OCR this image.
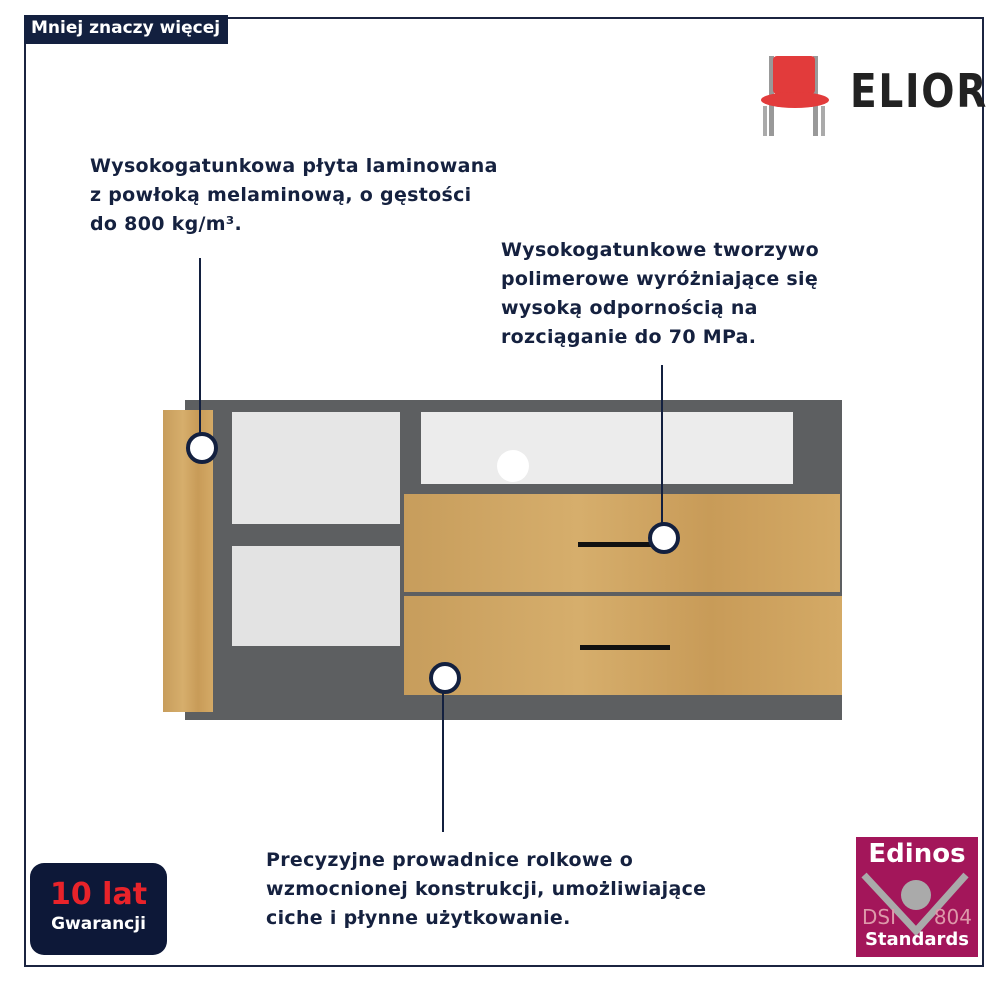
Mniej znaczy więcej
ELIOR
Wysokogatunkowa płyta laminowana
z powłoką melaminową, o gęstości
do 800 kg/m³.
Wysokogatunkowe tworzywo
polimerowe wyróżniające się
wysoką odpornością na
rozciąganie do 70 MPa.
Precyzyjne prowadnice rolkowe o
wzmocnionej konstrukcji, umożliwiające
ciche i płynne użytkowanie.
10 lat
Gwarancji
Edinos
DSI 804
Standards
